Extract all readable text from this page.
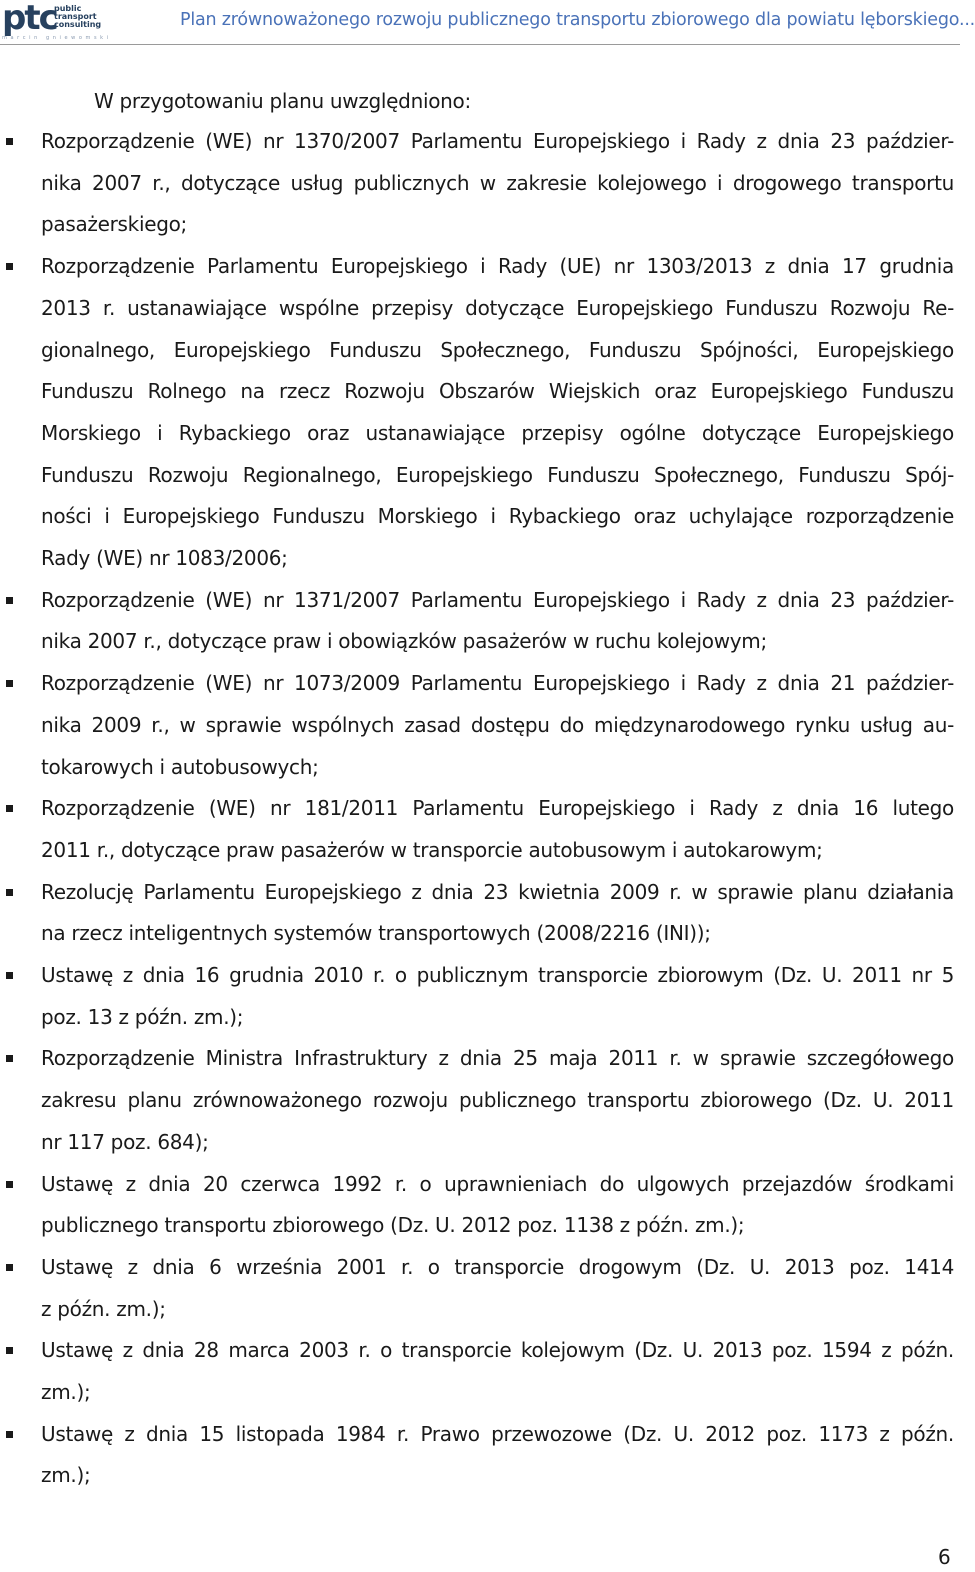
ptc
public
transport
consulting
m a r c i n   g n i e w o m s k i
Plan zrównoważonego rozwoju publicznego transportu zbiorowego dla powiatu lęborskiego...
W przygotowaniu planu uwzględniono:
Rozporządzenie (WE) nr 1370/2007 Parlamentu Europejskiego i Rady z dnia 23 paździer-
nika 2007 r., dotyczące usług publicznych w zakresie kolejowego i drogowego transportu
pasażerskiego;
Rozporządzenie Parlamentu Europejskiego i Rady (UE) nr 1303/2013 z dnia 17 grudnia
2013 r. ustanawiające wspólne przepisy dotyczące Europejskiego Funduszu Rozwoju Re-
gionalnego, Europejskiego Funduszu Społecznego, Funduszu Spójności, Europejskiego
Funduszu Rolnego na rzecz Rozwoju Obszarów Wiejskich oraz Europejskiego Funduszu
Morskiego i Rybackiego oraz ustanawiające przepisy ogólne dotyczące Europejskiego
Funduszu Rozwoju Regionalnego, Europejskiego Funduszu Społecznego, Funduszu Spój-
ności i Europejskiego Funduszu Morskiego i Rybackiego oraz uchylające rozporządzenie
Rady (WE) nr 1083/2006;
Rozporządzenie (WE) nr 1371/2007 Parlamentu Europejskiego i Rady z dnia 23 paździer-
nika 2007 r., dotyczące praw i obowiązków pasażerów w ruchu kolejowym;
Rozporządzenie (WE) nr 1073/2009 Parlamentu Europejskiego i Rady z dnia 21 paździer-
nika 2009 r., w sprawie wspólnych zasad dostępu do międzynarodowego rynku usług au-
tokarowych i autobusowych;
Rozporządzenie (WE) nr 181/2011 Parlamentu Europejskiego i Rady z dnia 16 lutego
2011 r., dotyczące praw pasażerów w transporcie autobusowym i autokarowym;
Rezolucję Parlamentu Europejskiego z dnia 23 kwietnia 2009 r. w sprawie planu działania
na rzecz inteligentnych systemów transportowych (2008/2216 (INI));
Ustawę z dnia 16 grudnia 2010 r. o publicznym transporcie zbiorowym (Dz. U. 2011 nr 5
poz. 13 z późn. zm.);
Rozporządzenie Ministra Infrastruktury z dnia 25 maja 2011 r. w sprawie szczegółowego
zakresu planu zrównoważonego rozwoju publicznego transportu zbiorowego (Dz. U. 2011
nr 117 poz. 684);
Ustawę z dnia 20 czerwca 1992 r. o uprawnieniach do ulgowych przejazdów środkami
publicznego transportu zbiorowego (Dz. U. 2012 poz. 1138 z późn. zm.);
Ustawę z dnia 6 września 2001 r. o transporcie drogowym (Dz. U. 2013 poz. 1414
z późn. zm.);
Ustawę z dnia 28 marca 2003 r. o transporcie kolejowym (Dz. U. 2013 poz. 1594 z późn.
zm.);
Ustawę z dnia 15 listopada 1984 r. Prawo przewozowe (Dz. U. 2012 poz. 1173 z późn.
zm.);
6
